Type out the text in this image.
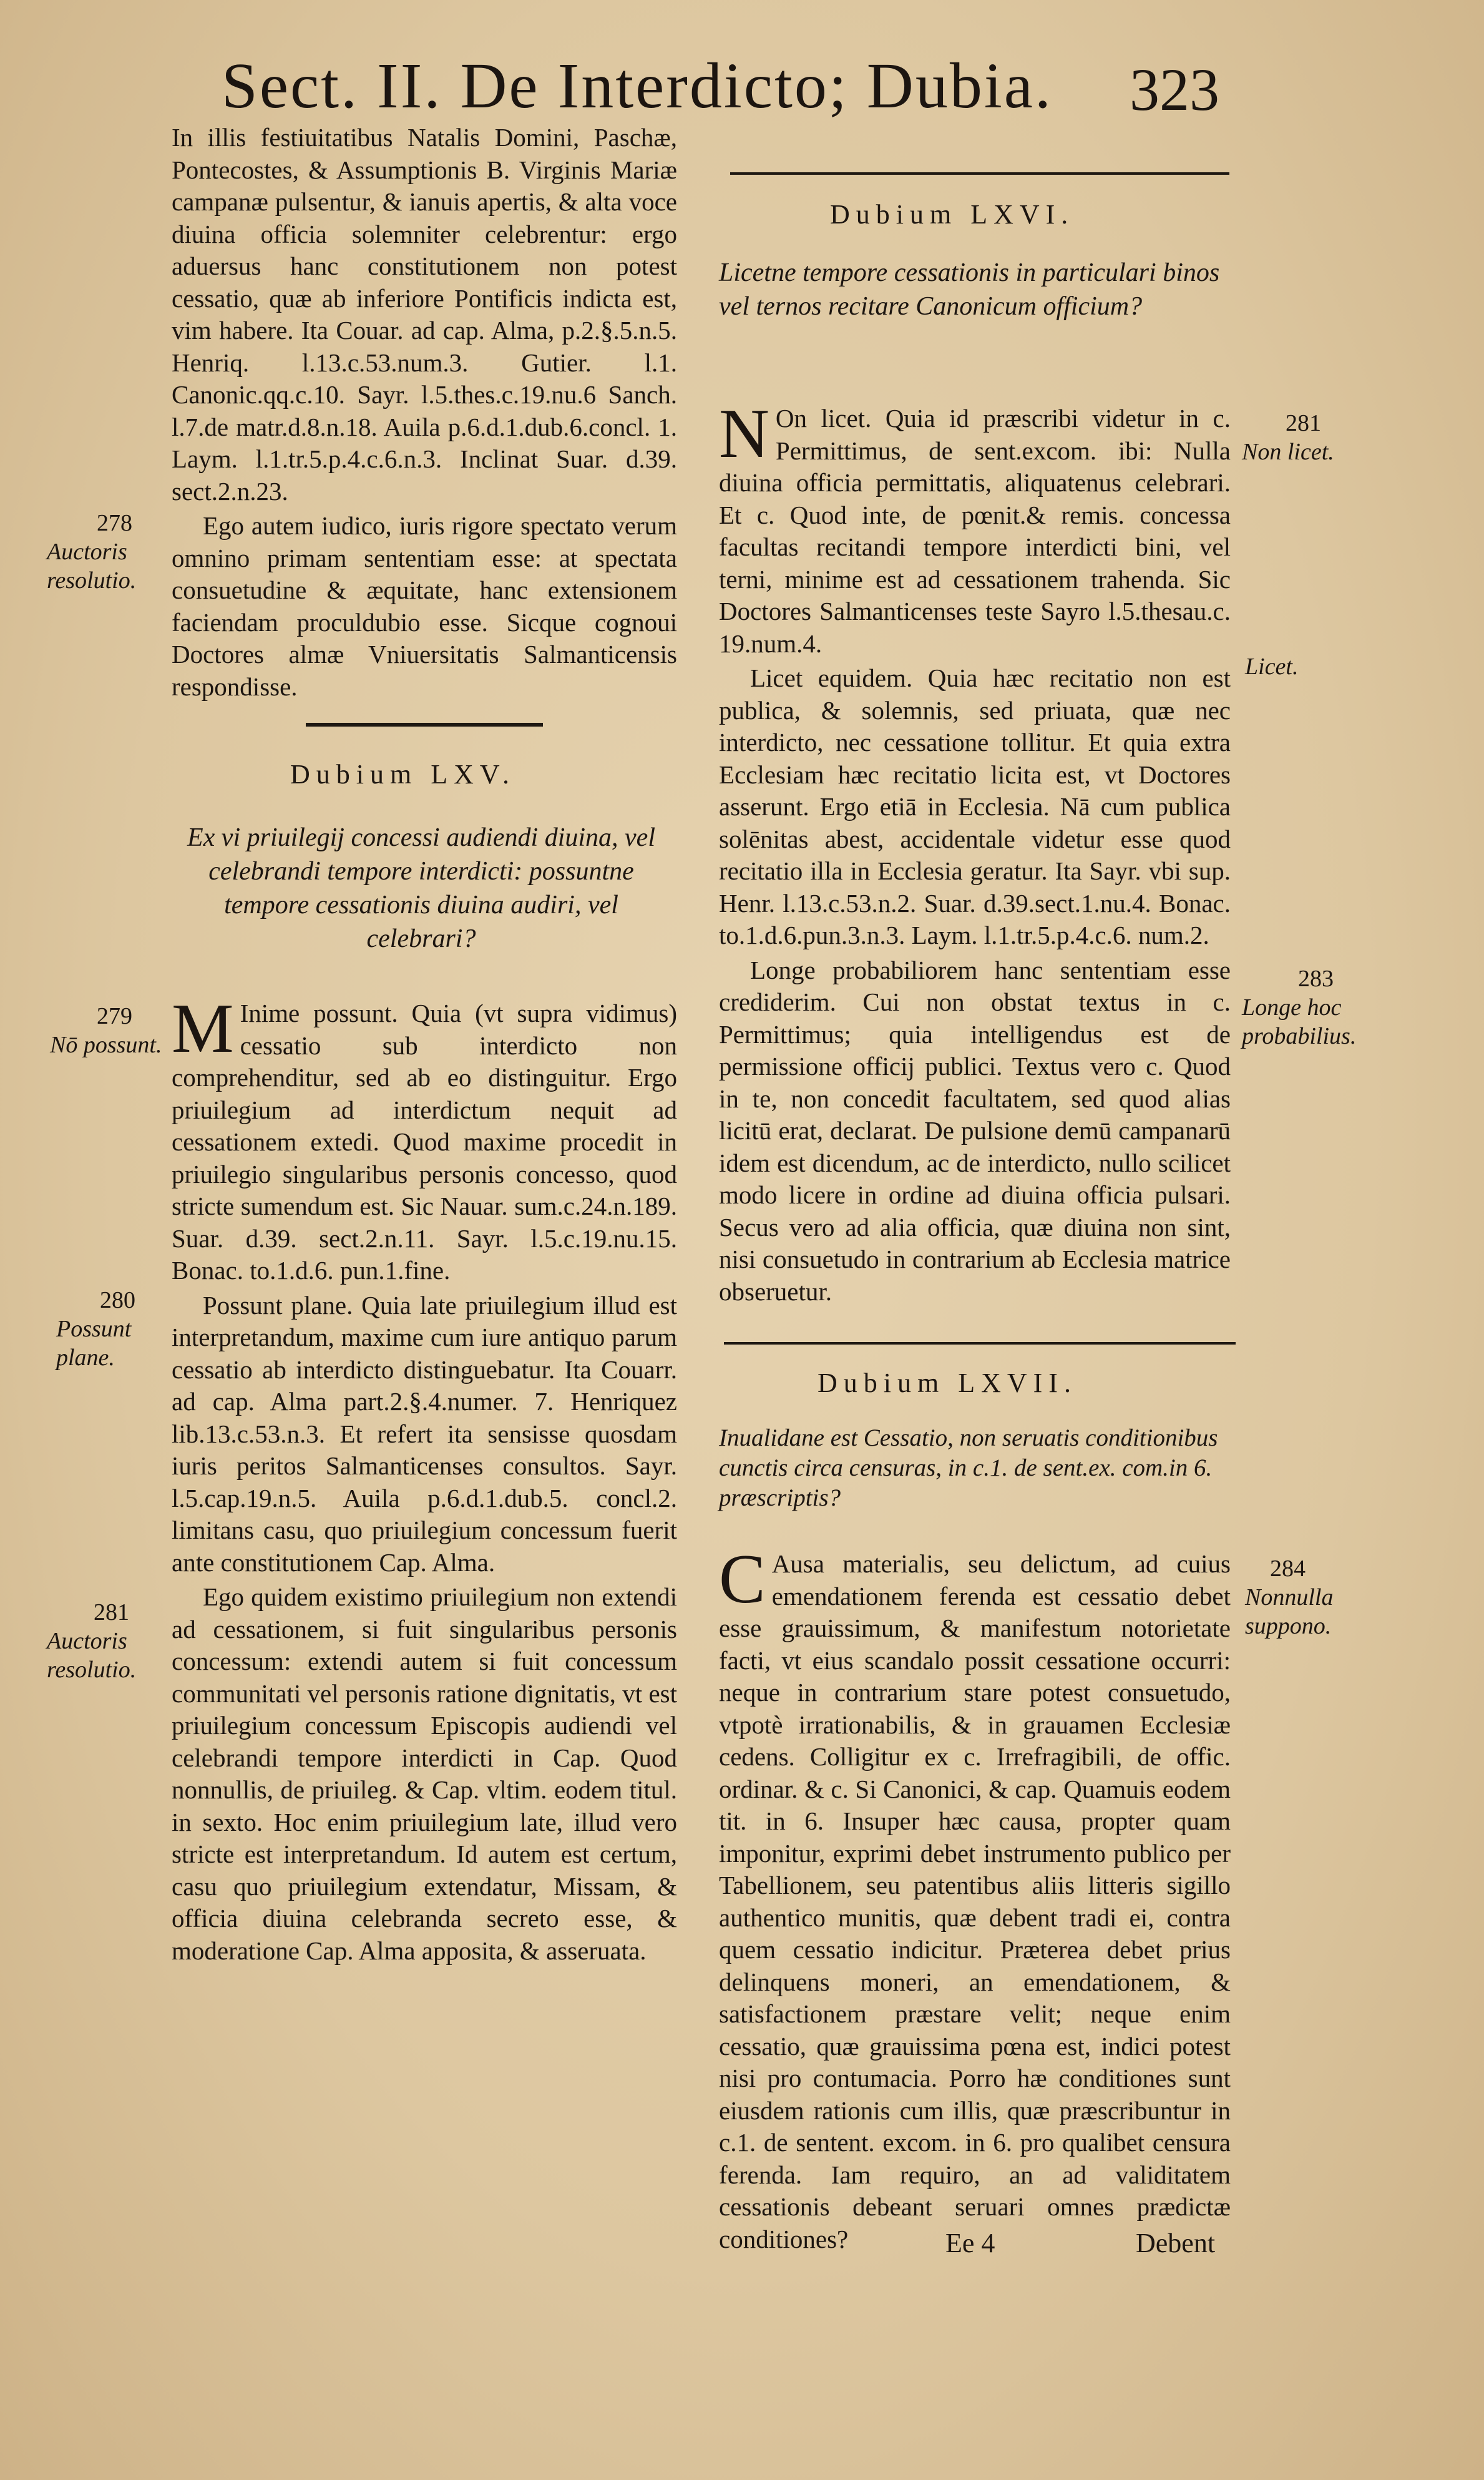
Sect. II. De Interdicto; Dubia. 323

In illis festiuitatibus Natalis Domini, Paschæ, Pontecostes, & Assumptionis B. Virginis Mariæ campanæ pulsentur, & ianuis apertis, & alta voce diuina officia solemniter celebrentur: ergo aduersus hanc constitutionem non potest cessatio, quæ ab inferiore Pontificis indicta est, vim habere. Ita Couar. ad cap. Alma, p.2.§.5.n.5. Henriq. l.13.c.53.num.3. Gutier. l.1. Canonic.qq.c.10. Sayr. l.5.thes.c.19.nu.6 Sanch. l.7.de matr.d.8.n.18. Auila p.6.d.1.dub.6.concl. 1. Laym. l.1.tr.5.p.4.c.6.n.3. Inclinat Suar. d.39. sect.2.n.23.

Ego autem iudico, iuris rigore spectato verum omnino primam sententiam esse: at spectata consuetudine & æquitate, hanc extensionem faciendam proculdubio esse. Sicque cognoui Doctores almæ Vniuersitatis Salmanticensis respondisse.

278
Auctoris resolutio.
Dubium LXV.
Ex vi priuilegij concessi audiendi diuina, vel celebrandi tempore interdicti: possuntne tempore cessationis diuina audiri, vel celebrari?

M Inime possunt. Quia (vt supra vidimus) cessatio sub interdicto non comprehenditur, sed ab eo distinguitur. Ergo priuilegium ad interdictum nequit ad cessationem extedi. Quod maxime procedit in priuilegio singularibus personis concesso, quod stricte sumendum est. Sic Nauar. sum.c.24.n.189. Suar. d.39. sect.2.n.11. Sayr. l.5.c.19.nu.15. Bonac. to.1.d.6. pun.1.fine.

Possunt plane. Quia late priuilegium illud est interpretandum, maxime cum iure antiquo parum cessatio ab interdicto distinguebatur. Ita Couarr. ad cap. Alma part.2.§.4.numer. 7. Henriquez lib.13.c.53.n.3. Et refert ita sensisse quosdam iuris peritos Salmanticenses consultos. Sayr. l.5.cap.19.n.5. Auila p.6.d.1.dub.5. concl.2. limitans casu, quo priuilegium concessum fuerit ante constitutionem Cap. Alma.

Ego quidem existimo priuilegium non extendi ad cessationem, si fuit singularibus personis concessum: extendi autem si fuit concessum communitati vel personis ratione dignitatis, vt est priuilegium concessum Episcopis audiendi vel celebrandi tempore interdicti in Cap. Quod nonnullis, de priuileg. & Cap. vltim. eodem titul. in sexto. Hoc enim priuilegium late, illud vero stricte est interpretandum. Id autem est certum, casu quo priuilegium extendatur, Missam, & officia diuina celebranda secreto esse, & moderatione Cap. Alma apposita, & asseruata.

279
Nō possunt.
280
Possunt plane.
281
Auctoris resolutio.
Dubium LXVI.
Licetne tempore cessationis in particulari binos vel ternos recitare Canonicum officium?

N On licet. Quia id præscribi videtur in c. Permittimus, de sent.excom. ibi: Nulla diuina officia permittatis, aliquatenus celebrari. Et c. Quod inte, de pœnit.& remis. concessa facultas recitandi tempore interdicti bini, vel terni, minime est ad cessationem trahenda. Sic Doctores Salmanticenses teste Sayro l.5.thesau.c. 19.num.4.

Licet equidem. Quia hæc recitatio non est publica, & solemnis, sed priuata, quæ nec interdicto, nec cessatione tollitur. Et quia extra Ecclesiam hæc recitatio licita est, vt Doctores asserunt. Ergo etiā in Ecclesia. Nā cum publica solēnitas abest, accidentale videtur esse quod recitatio illa in Ecclesia geratur. Ita Sayr. vbi sup. Henr. l.13.c.53.n.2. Suar. d.39.sect.1.nu.4. Bonac. to.1.d.6.pun.3.n.3. Laym. l.1.tr.5.p.4.c.6. num.2.

Longe probabiliorem hanc sententiam esse crediderim. Cui non obstat textus in c. Permittimus; quia intelligendus est de permissione officij publici. Textus vero c. Quod in te, non concedit facultatem, sed quod alias licitū erat, declarat. De pulsione demū campanarū idem est dicendum, ac de interdicto, nullo scilicet modo licere in ordine ad diuina officia pulsari. Secus vero ad alia officia, quæ diuina non sint, nisi consuetudo in contrarium ab Ecclesia matrice obseruetur.

281
Non licet.
Licet.
283
Longe hoc probabilius.
Dubium LXVII.
Inualidane est Cessatio, non seruatis conditionibus cunctis circa censuras, in c.1. de sent.ex. com.in 6. præscriptis?

C Ausa materialis, seu delictum, ad cuius emendationem ferenda est cessatio debet esse grauissimum, & manifestum notorietate facti, vt eius scandalo possit cessatione occurri: neque in contrarium stare potest consuetudo, vtpotè irrationabilis, & in grauamen Ecclesiæ cedens. Colligitur ex c. Irrefragibili, de offic. ordinar. & c. Si Canonici, & cap. Quamuis eodem tit. in 6. Insuper hæc causa, propter quam imponitur, exprimi debet instrumento publico per Tabellionem, seu patentibus aliis litteris sigillo authentico munitis, quæ debent tradi ei, contra quem cessatio indicitur. Præterea debet prius delinquens moneri, an emendationem, & satisfactionem præstare velit; neque enim cessatio, quæ grauissima pœna est, indici potest nisi pro contumacia. Porro hæ conditiones sunt eiusdem rationis cum illis, quæ præscribuntur in c.1. de sentent. excom. in 6. pro qualibet censura ferenda. Iam requiro, an ad validitatem cessationis debeant seruari omnes prædictæ conditiones?

284
Nonnulla suppono.
Ee 4	Debent
